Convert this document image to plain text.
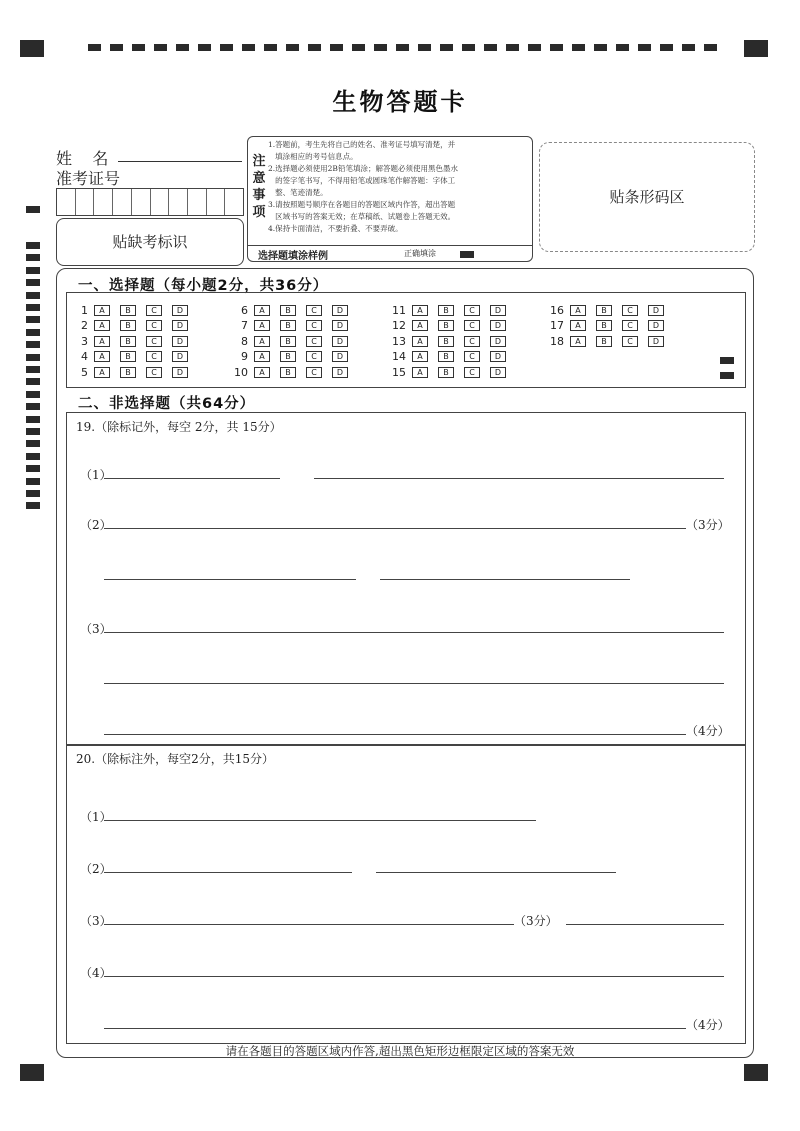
生物答题卡
姓    名
准考证号
贴缺考标识
注
意
事
项
1.答题前，考生先将自己的姓名、准考证号填写清楚，并
填涂相应的考号信息点。
2.选择题必须使用2B铅笔填涂；解答题必须使用黑色墨水
的签字笔书写，不得用铅笔或圆珠笔作解答题：字体工
整、笔迹清楚。
3.请按照题号顺序在各题目的答题区域内作答，超出答题
区域书写的答案无效；在草稿纸、试题卷上答题无效。
4.保持卡面清洁，不要折叠、不要弄破。
选择题填涂样例	正确填涂
贴条形码区
一、选择题（每小题2分，共36分）
1	A	B	C	D
2	A	B	C	D
3	A	B	C	D
4	A	B	C	D
5	A	B	C	D
6	A	B	C	D
7	A	B	C	D
8	A	B	C	D
9	A	B	C	D
10	A	B	C	D
11	A	B	C	D
12	A	B	C	D
13	A	B	C	D
14	A	B	C	D
15	A	B	C	D
16	A	B	C	D
17	A	B	C	D
18	A	B	C	D
二、非选择题（共64分）
19.（除标记外，每空 2分，共 15分）
（1）
（2）	（3分）
（3）
（4分）
20.（除标注外，每空2分，共15分）
（1）
（2）
（3）	（3分）
（4）
（4分）
请在各题目的答题区域内作答,超出黑色矩形边框限定区域的答案无效
